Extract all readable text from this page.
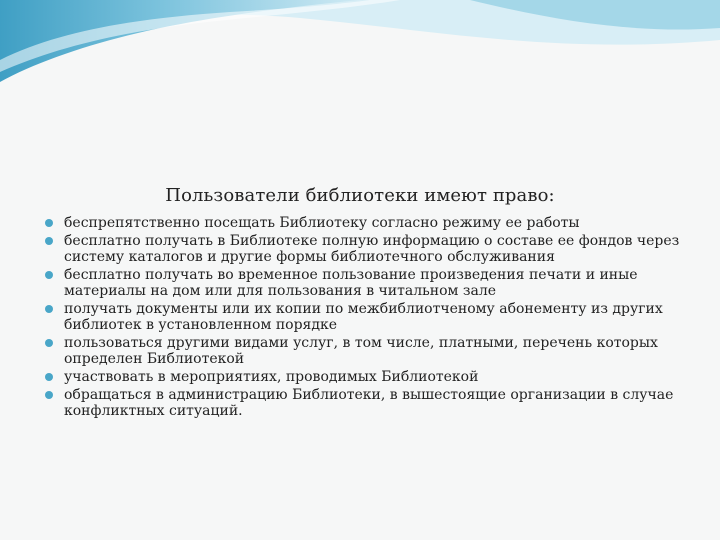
Пользователи библиотеки имеют право:
беспрепятственно посещать Библиотеку согласно режиму ее работы
бесплатно получать в Библиотеке полную информацию о составе ее фондов через систему каталогов и другие формы библиотечного обслуживания
бесплатно получать во временное пользование произведения печати и иные материалы на дом или для пользования в читальном зале
получать документы или их копии по межбиблиотченому абонементу из других библиотек в установленном порядке
пользоваться другими видами услуг, в том числе, платными, перечень которых определен Библиотекой
участвовать в мероприятиях, проводимых Библиотекой
обращаться в администрацию Библиотеки, в вышестоящие организации в случае конфликтных ситуаций.
